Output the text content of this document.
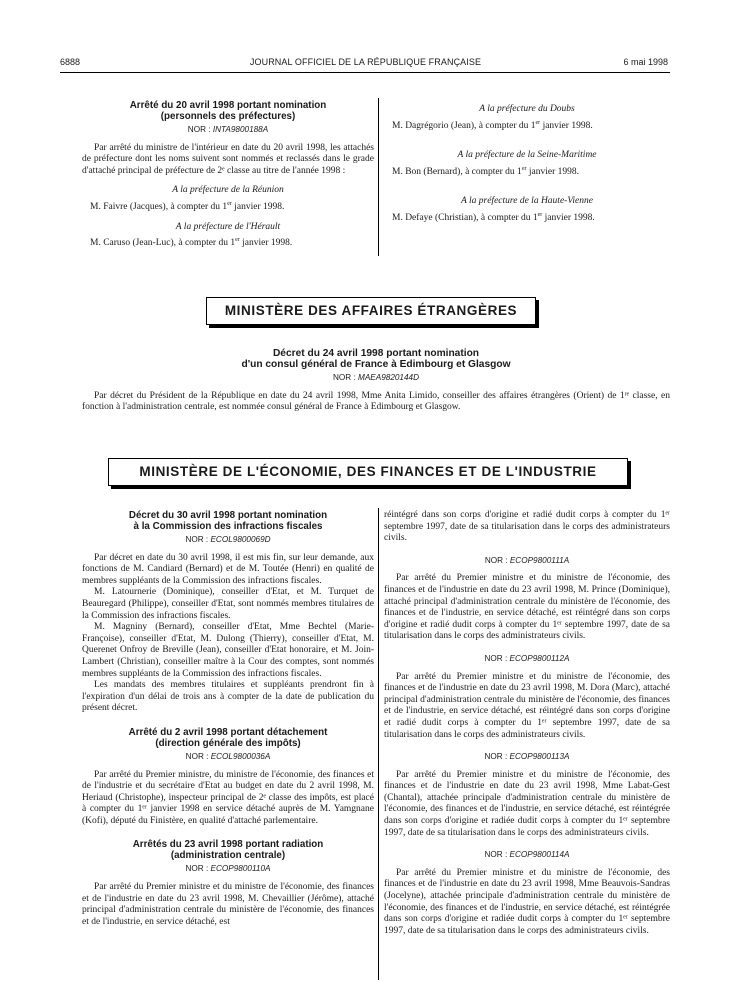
6888	JOURNAL OFFICIEL DE LA RÉPUBLIQUE FRANÇAISE	6 mai 1998

Arrêté du 20 avril 1998 portant nomination

(personnels des préfectures)

NOR : INTA9800188A

Par arrêté du ministre de l'intérieur en date du 20 avril 1998, les attachés de préfecture dont les noms suivent sont nommés et reclassés dans le grade d'attaché principal de préfecture de 2ᵉ classe au titre de l'année 1998 :

A la préfecture de la Réunion

M. Faivre (Jacques), à compter du 1er janvier 1998.

A la préfecture de l'Hérault

M. Caruso (Jean-Luc), à compter du 1er janvier 1998.

A la préfecture du Doubs

M. Dagrégorio (Jean), à compter du 1er janvier 1998.

A la préfecture de la Seine-Maritime

M. Bon (Bernard), à compter du 1er janvier 1998.

A la préfecture de la Haute-Vienne

M. Defaye (Christian), à compter du 1er janvier 1998.

MINISTÈRE DES AFFAIRES ÉTRANGÈRES

Décret du 24 avril 1998 portant nomination

d'un consul général de France à Edimbourg et Glasgow

NOR : MAEA9820144D

Par décret du Président de la République en date du 24 avril 1998, Mme Anita Limido, conseiller des affaires étrangères (Orient) de 1ʳᵉ classe, en fonction à l'administration centrale, est nommée consul général de France à Edimbourg et Glasgow.

MINISTÈRE DE L'ÉCONOMIE, DES FINANCES ET DE L'INDUSTRIE

Décret du 30 avril 1998 portant nomination

à la Commission des infractions fiscales

NOR : ECOL9800069D

Par décret en date du 30 avril 1998, il est mis fin, sur leur demande, aux fonctions de M. Candiard (Bernard) et de M. Toutée (Henri) en qualité de membres suppléants de la Commission des infractions fiscales.

M. Latournerie (Dominique), conseiller d'Etat, et M. Turquet de Beauregard (Philippe), conseiller d'Etat, sont nommés membres titulaires de la Commission des infractions fiscales.

M. Magniny (Bernard), conseiller d'Etat, Mme Bechtel (Marie-Françoise), conseiller d'Etat, M. Dulong (Thierry), conseiller d'Etat, M. Querenet Onfroy de Breville (Jean), conseiller d'Etat honoraire, et M. Join-Lambert (Christian), conseiller maître à la Cour des comptes, sont nommés membres suppléants de la Commission des infractions fiscales.

Les mandats des membres titulaires et suppléants prendront fin à l'expiration d'un délai de trois ans à compter de la date de publication du présent décret.

Arrêté du 2 avril 1998 portant détachement

(direction générale des impôts)

NOR : ECOL9800036A

Par arrêté du Premier ministre, du ministre de l'économie, des finances et de l'industrie et du secrétaire d'Etat au budget en date du 2 avril 1998, M. Heriaud (Christophe), inspecteur principal de 2ᵉ classe des impôts, est placé à compter du 1ᵉʳ janvier 1998 en service détaché auprès de M. Yamgnane (Kofi), député du Finistère, en qualité d'attaché parlementaire.

Arrêtés du 23 avril 1998 portant radiation

(administration centrale)

NOR : ECOP9800110A

Par arrêté du Premier ministre et du ministre de l'économie, des finances et de l'industrie en date du 23 avril 1998, M. Chevaillier (Jérôme), attaché principal d'administration centrale du ministère de l'économie, des finances et de l'industrie, en service détaché, est

réintégré dans son corps d'origine et radié dudit corps à compter du 1ᵉʳ septembre 1997, date de sa titularisation dans le corps des administrateurs civils.

NOR : ECOP9800111A

Par arrêté du Premier ministre et du ministre de l'économie, des finances et de l'industrie en date du 23 avril 1998, M. Prince (Dominique), attaché principal d'administration centrale du ministère de l'économie, des finances et de l'industrie, en service détaché, est réintégré dans son corps d'origine et radié dudit corps à compter du 1ᵉʳ septembre 1997, date de sa titularisation dans le corps des administrateurs civils.

NOR : ECOP9800112A

Par arrêté du Premier ministre et du ministre de l'économie, des finances et de l'industrie en date du 23 avril 1998, M. Dora (Marc), attaché principal d'administration centrale du ministère de l'économie, des finances et de l'industrie, en service détaché, est réintégré dans son corps d'origine et radié dudit corps à compter du 1ᵉʳ septembre 1997, date de sa titularisation dans le corps des administrateurs civils.

NOR : ECOP9800113A

Par arrêté du Premier ministre et du ministre de l'économie, des finances et de l'industrie en date du 23 avril 1998, Mme Labat-Gest (Chantal), attachée principale d'administration centrale du ministère de l'économie, des finances et de l'industrie, en service détaché, est réintégrée dans son corps d'origine et radiée dudit corps à compter du 1ᵉʳ septembre 1997, date de sa titularisation dans le corps des administrateurs civils.

NOR : ECOP9800114A

Par arrêté du Premier ministre et du ministre de l'économie, des finances et de l'industrie en date du 23 avril 1998, Mme Beauvois-Sandras (Jocelyne), attachée principale d'administration centrale du ministère de l'économie, des finances et de l'industrie, en service détaché, est réintégrée dans son corps d'origine et radiée dudit corps à compter du 1ᵉʳ septembre 1997, date de sa titularisation dans le corps des administrateurs civils.
